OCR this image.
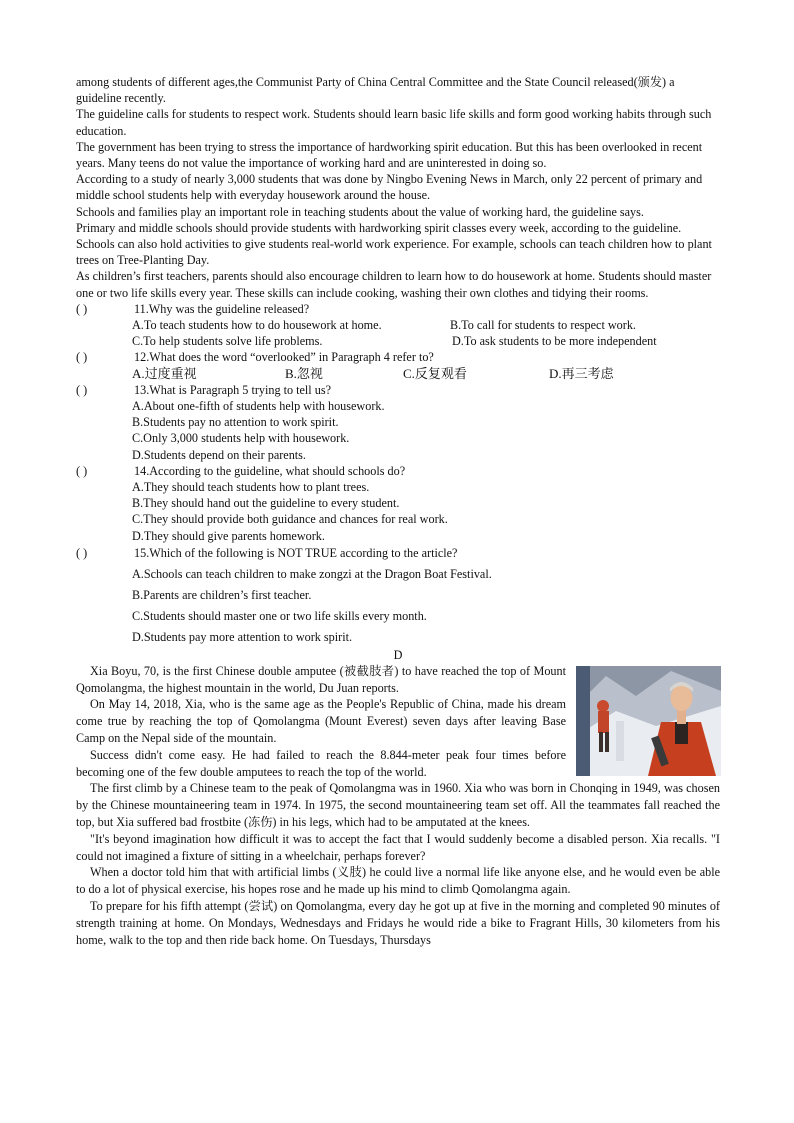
among students of different ages,the Communist Party of China Central Committee and the State Council released(颁发) a guideline recently.

The guideline calls for students to respect work. Students should learn basic life skills and form good working habits through such education.

The government has been trying to stress the importance of hardworking spirit education. But this has been overlooked in recent years. Many teens do not value the importance of working hard and are uninterested in doing so.

According to a study of nearly 3,000 students that was done by Ningbo Evening News in March, only 22 percent of primary and middle school students help with everyday housework around the house.

Schools and families play an important role in teaching students about the value of working hard, the guideline says.

Primary and middle schools should provide students with hardworking spirit classes every week, according to the guideline. Schools can also hold activities to give students real-world work experience. For example, schools can teach children how to plant trees on Tree-Planting Day.

As children’s first teachers, parents should also encourage children to learn how to do housework at home. Students should master one or two life skills every year. These skills can include cooking, washing their own clothes and tidying their rooms.

( )	11.Why was the guideline released?
A.To teach students how to do housework at home.	B.To call for students to respect work.
C.To help students solve life problems.	D.To ask students to be more independent
( )	12.What does the word “overlooked” in Paragraph 4 refer to?
A.过度重视	B.忽视	C.反复观看	D.再三考虑
( )	13.What is Paragraph 5 trying to tell us?

A.About one-fifth of students help with housework.

B.Students pay no attention to work spirit.

C.Only 3,000 students help with housework.

D.Students depend on their parents.

( )	14.According to the guideline, what should schools do?

A.They should teach students how to plant trees.

B.They should hand out the guideline to every student.

C.They should provide both guidance and chances for real work.

D.They should give parents homework.

( )	15.Which of the following is NOT TRUE according to the article?

A.Schools can teach children to make zongzi at the Dragon Boat Festival.

B.Parents are children’s first teacher.

C.Students should master one or two life skills every month.

D.Students pay more attention to work spirit.

D

Xia Boyu, 70, is the first Chinese double amputee (被截肢者) to have reached the top of Mount Qomolangma, the highest mountain in the world, Du Juan reports.

On May 14, 2018, Xia, who is the same age as the People's Republic of China, made his dream come true by reaching the top of Qomolangma (Mount Everest) seven days after leaving Base Camp on the Nepal side of the mountain.

Success didn't come easy. He had failed to reach the 8.844-meter peak four times before becoming one of the few double amputees to reach the top of the world.

The first climb by a Chinese team to the peak of Qomolangma was in 1960. Xia who was born in Chonqing in 1949, was chosen by the Chinese mountaineering team in 1974. In 1975, the second mountaineering team set off. All the teammates fall reached the top, but Xia suffered bad frostbite (冻伤) in his legs, which had to be amputated at the knees.

"It's beyond imagination how difficult it was to accept the fact that I would suddenly become a disabled person. Xia recalls. "I could not imagined a fixture of sitting in a wheelchair, perhaps forever?

When a doctor told him that with artificial limbs (义肢) he could live a normal life like anyone else, and he would even be able to do a lot of physical exercise, his hopes rose and he made up his mind to climb Qomolangma again.

To prepare for his fifth attempt (尝试) on Qomolangma, every day he got up at five in the morning and completed 90 minutes of strength training at home. On Mondays, Wednesdays and Fridays he would ride a bike to Fragrant Hills, 30 kilometers from his home, walk to the top and then ride back home. On Tuesdays, Thursdays
